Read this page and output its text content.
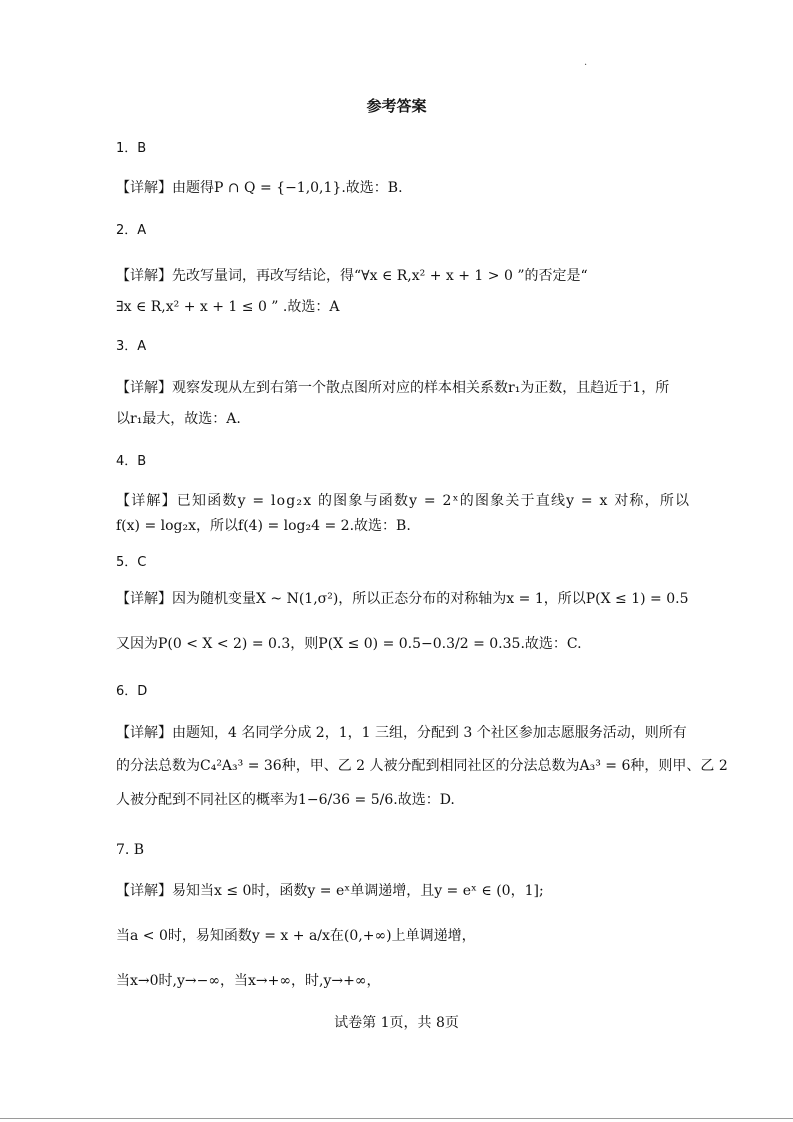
·
参考答案
1．B
【详解】由题得P ∩ Q = {−1,0,1}.故选：B.
2．A
【详解】先改写量词，再改写结论，得“∀x ∈ R,x² + x + 1 > 0 ”的否定是“
∃x ∈ R,x² + x + 1 ≤ 0 ” .故选：A
3．A
【详解】观察发现从左到右第一个散点图所对应的样本相关系数r₁为正数，且趋近于1，所
以r₁最大，故选：A.
4．B
【详解】已知函数y = log₂x 的图象与函数y = 2ˣ的图象关于直线y = x 对称，所以
f(x) = log₂x，所以f(4) = log₂4 = 2.故选：B.
5．C
【详解】因为随机变量X ~ N(1,σ²)，所以正态分布的对称轴为x = 1，所以P(X ≤ 1) = 0.5
又因为P(0 < X < 2) = 0.3，则P(X ≤ 0) = 0.5−0.3/2 = 0.35.故选：C.
6．D
【详解】由题知，4 名同学分成 2，1，1 三组，分配到 3 个社区参加志愿服务活动，则所有
的分法总数为C₄²A₃³ = 36种，甲、乙 2 人被分配到相同社区的分法总数为A₃³ = 6种，则甲、乙 2
人被分配到不同社区的概率为1−6/36 = 5/6.故选：D.
7. B
【详解】易知当x ≤ 0时，函数y = eˣ单调递增，且y = eˣ ∈ (0，1];
当a < 0时，易知函数y = x + a/x在(0,+∞)上单调递增，
当x→0时,y→−∞，当x→+∞，时,y→+∞，
试卷第 1页，共 8页
